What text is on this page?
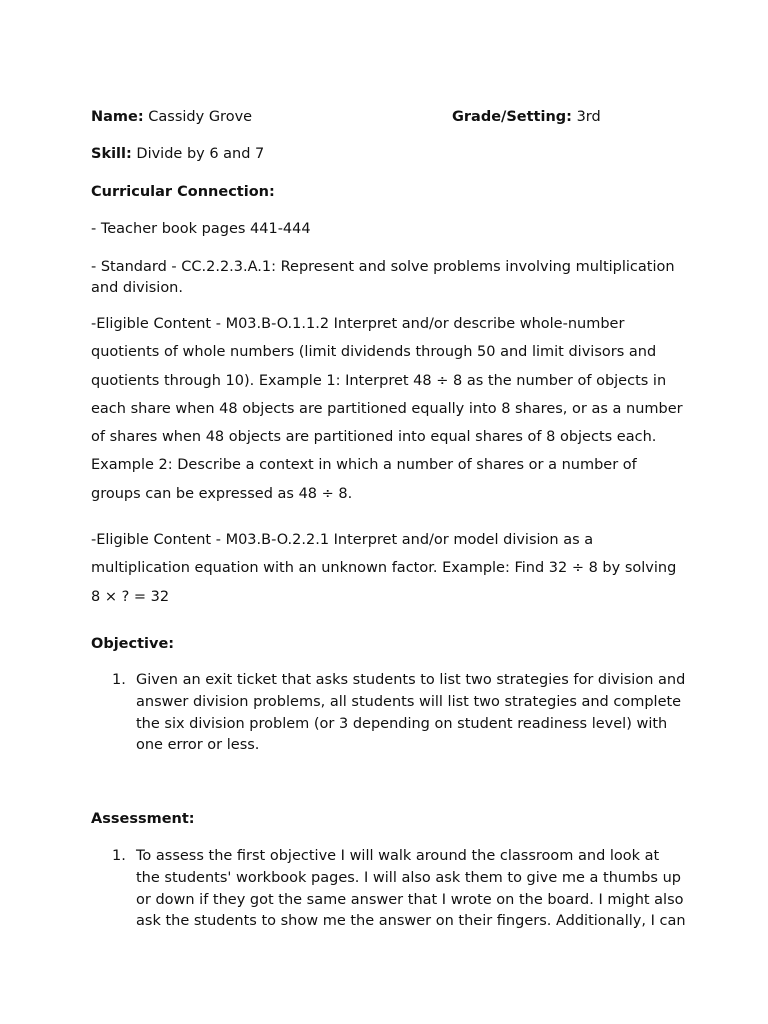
Name: Cassidy Grove	Grade/Setting: 3rd
Skill: Divide by 6 and 7
Curricular Connection:
- Teacher book pages 441-444
- Standard - CC.2.2.3.A.1: Represent and solve problems involving multiplication and division.
-Eligible Content - M03.B-O.1.1.2 Interpret and/or describe whole-number quotients of whole numbers (limit dividends through 50 and limit divisors and quotients through 10). Example 1: Interpret 48 ÷ 8 as the number of objects in each share when 48 objects are partitioned equally into 8 shares, or as a number of shares when 48 objects are partitioned into equal shares of 8 objects each. Example 2: Describe a context in which a number of shares or a number of groups can be expressed as 48 ÷ 8.
-Eligible Content - M03.B-O.2.2.1 Interpret and/or model division as a multiplication equation with an unknown factor. Example: Find 32 ÷ 8 by solving 8 × ? = 32
Objective:
1. Given an exit ticket that asks students to list two strategies for division and answer division problems, all students will list two strategies and complete the six division problem (or 3 depending on student readiness level) with one error or less.
Assessment:
1. To assess the first objective I will walk around the classroom and look at the students' workbook pages. I will also ask them to give me a thumbs up or down if they got the same answer that I wrote on the board. I might also ask the students to show me the answer on their fingers. Additionally, I can
